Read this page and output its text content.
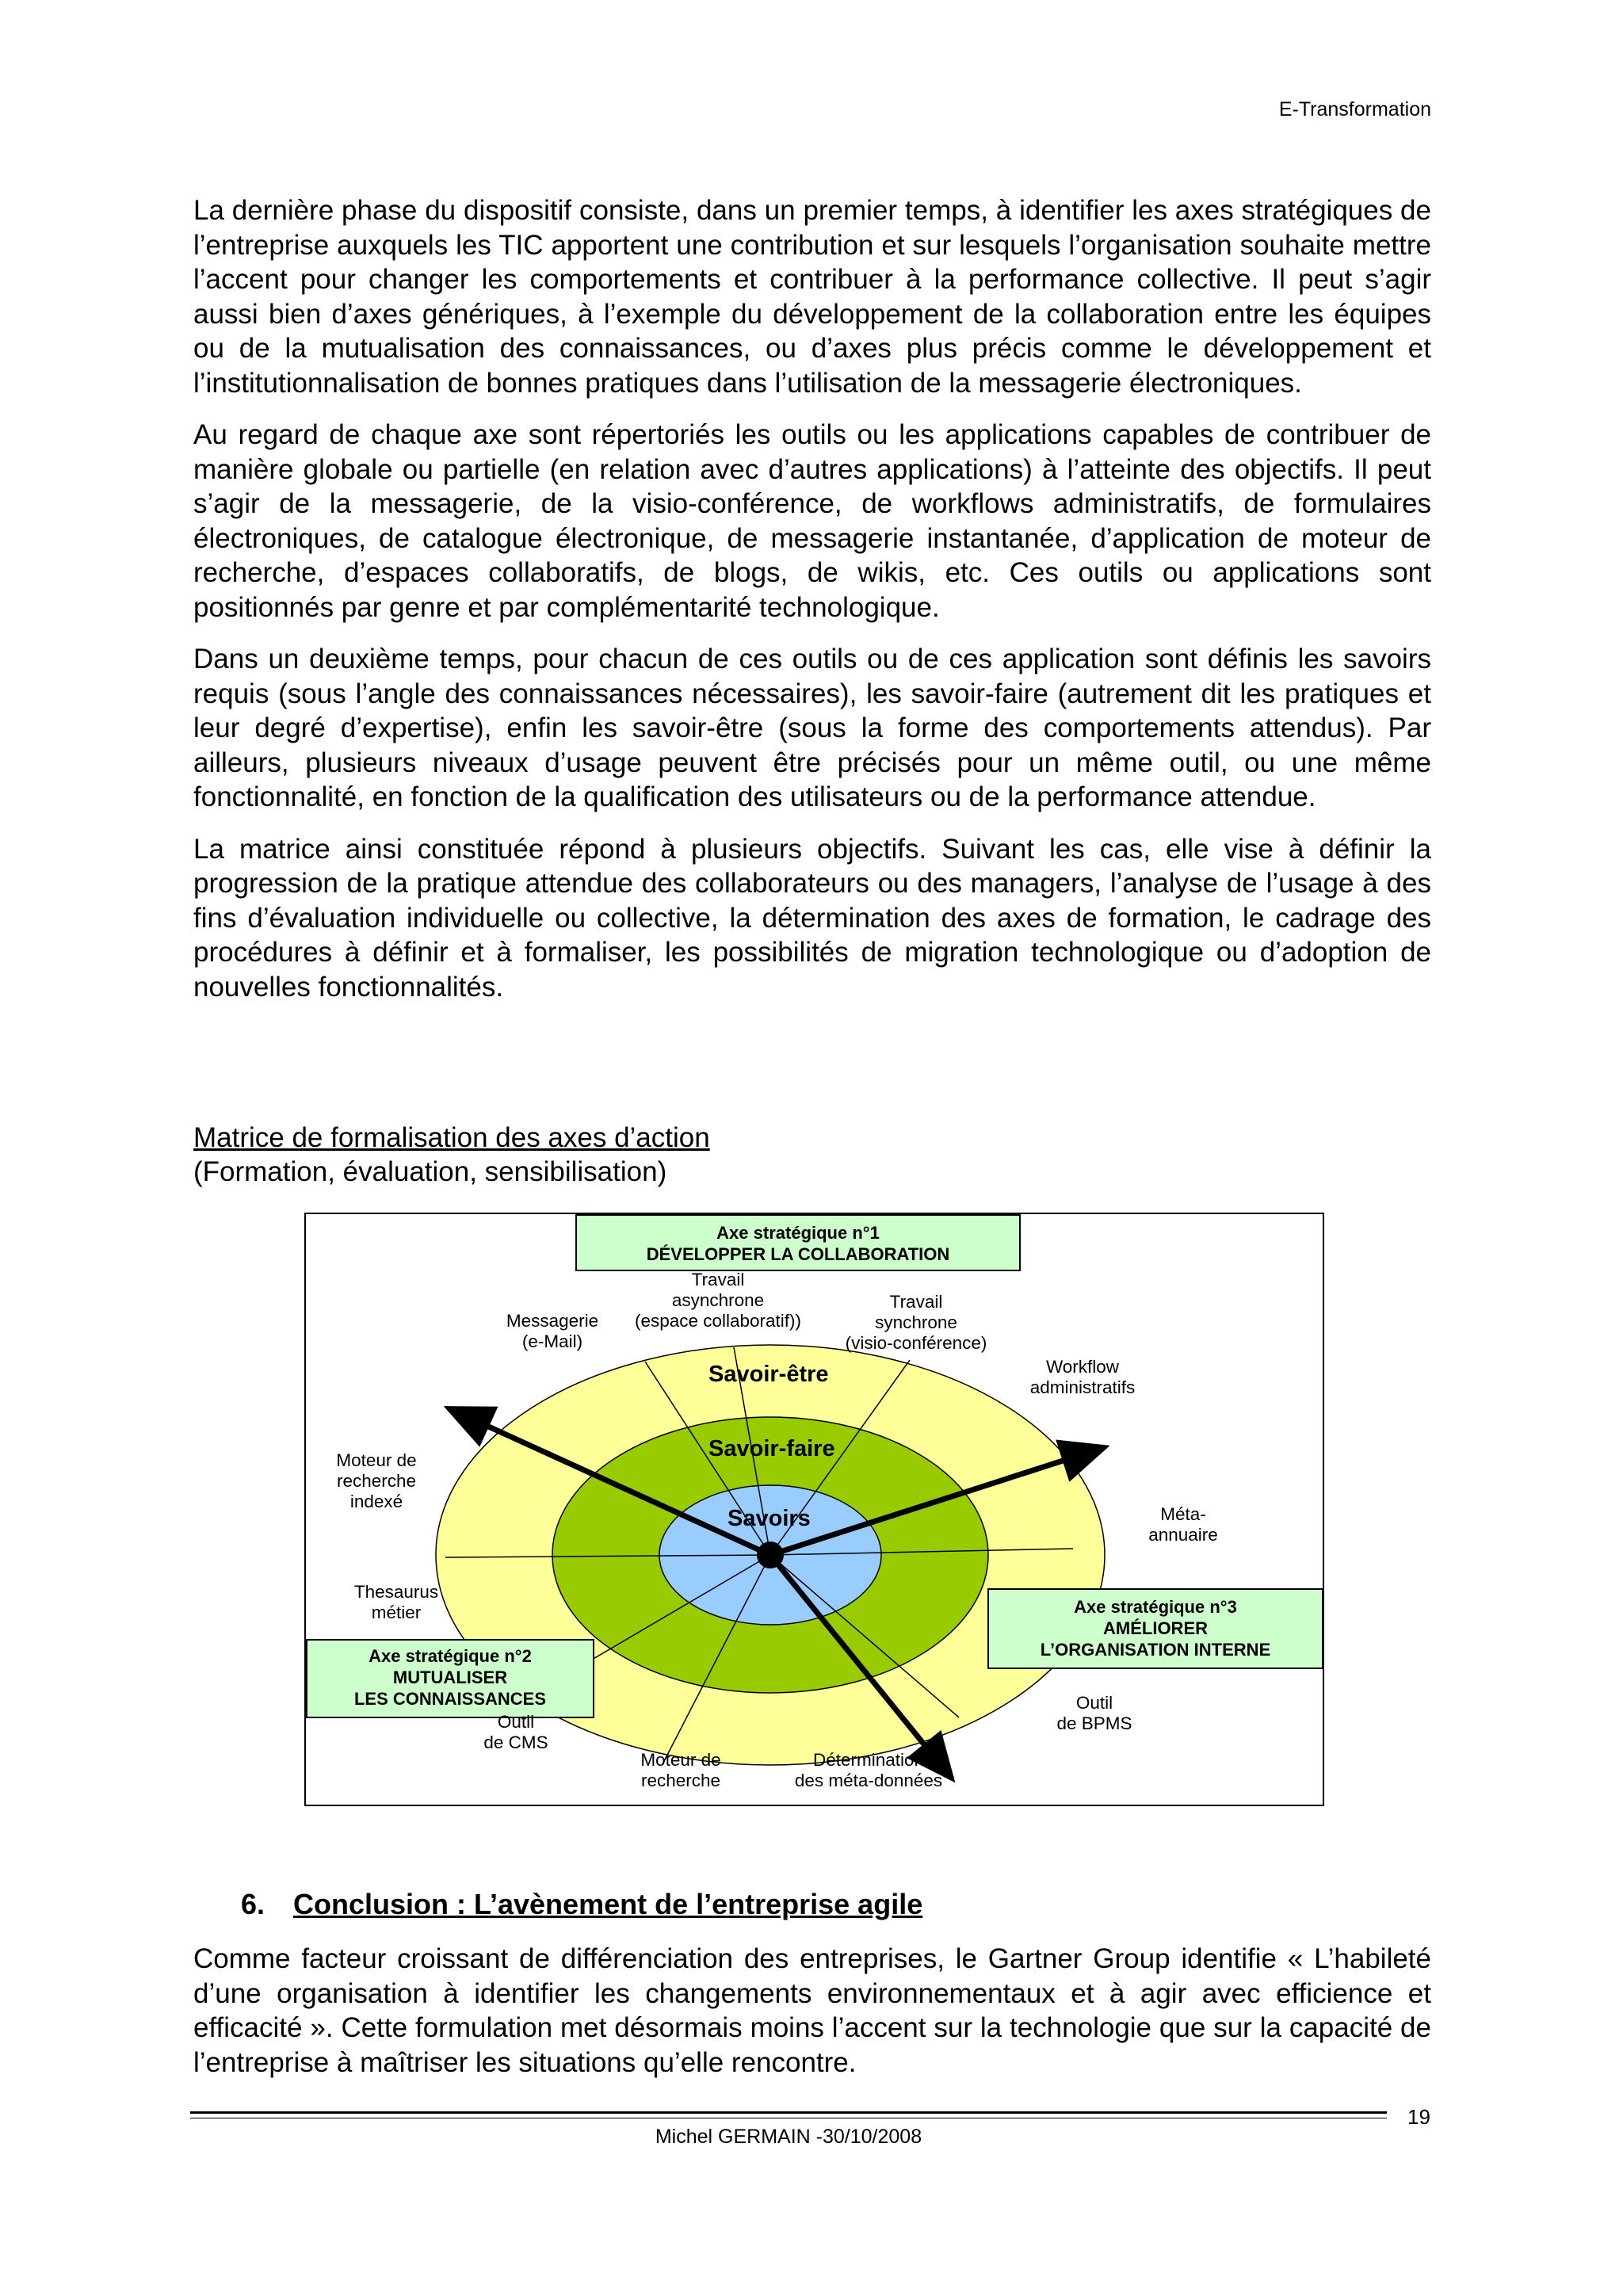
E-Transformation

La dernière phase du dispositif consiste, dans un premier temps, à identifier les axes stratégiques de l’entreprise auxquels les TIC apportent une contribution et sur lesquels l’organisation souhaite mettre l’accent pour changer les comportements et contribuer à la performance collective. Il peut s’agir aussi bien d’axes génériques, à l’exemple du développement de la collaboration entre les équipes ou de la mutualisation des connaissances, ou d’axes plus précis comme le développement et l’institutionnalisation de bonnes pratiques dans l’utilisation de la messagerie électroniques.

Au regard de chaque axe sont répertoriés les outils ou les applications capables de contribuer de manière globale ou partielle (en relation avec d’autres applications) à l’atteinte des objectifs. Il peut s’agir de la messagerie, de la visio-conférence, de workflows administratifs, de formulaires électroniques, de catalogue électronique, de messagerie instantanée, d’application de moteur de recherche, d’espaces collaboratifs, de blogs, de wikis, etc. Ces outils ou applications sont positionnés par genre et par complémentarité technologique.

Dans un deuxième temps, pour chacun de ces outils ou de ces application sont définis les savoirs requis (sous l’angle des connaissances nécessaires), les savoir-faire (autrement dit les pratiques et leur degré d’expertise), enfin les savoir-être (sous la forme des comportements attendus). Par ailleurs, plusieurs niveaux d’usage peuvent être précisés pour un même outil, ou une même fonctionnalité, en fonction de la qualification des utilisateurs ou de la performance attendue.

La matrice ainsi constituée répond à plusieurs objectifs. Suivant les cas, elle vise à définir la progression de la pratique attendue des collaborateurs ou des managers, l’analyse de l’usage à des fins d’évaluation individuelle ou collective, la détermination des axes de formation, le cadrage des procédures à définir et à formaliser, les possibilités de migration technologique ou d’adoption de nouvelles fonctionnalités.

Matrice de formalisation des axes d’action
(Formation, évaluation, sensibilisation)
Savoir-être
Savoir-faire
Savoirs
Axe stratégique n°1
DÉVELOPPER LA COLLABORATION
Axe stratégique n°2
MUTUALISER
LES CONNAISSANCES
Axe stratégique n°3
AMÉLIORER
L’ORGANISATION INTERNE
Messagerie
(e-Mail)
Travail
asynchrone
(espace collaboratif))
Travail
synchrone
(visio-conférence)
Workflow
administratifs
Moteur de
recherche
indexé
Méta-
annuaire
Thesaurus
métier
Outil
de BPMS
Outil
de CMS
Moteur de
recherche
Détermination
des méta-données
6. Conclusion : L’avènement de l’entreprise agile

Comme facteur croissant de différenciation des entreprises, le Gartner Group identifie « L’habileté d’une organisation à identifier les changements environnementaux et à agir avec efficience et efficacité ». Cette formulation met désormais moins l’accent sur la technologie que sur la capacité de l’entreprise à maîtriser les situations qu’elle rencontre.

19
Michel GERMAIN -30/10/2008
